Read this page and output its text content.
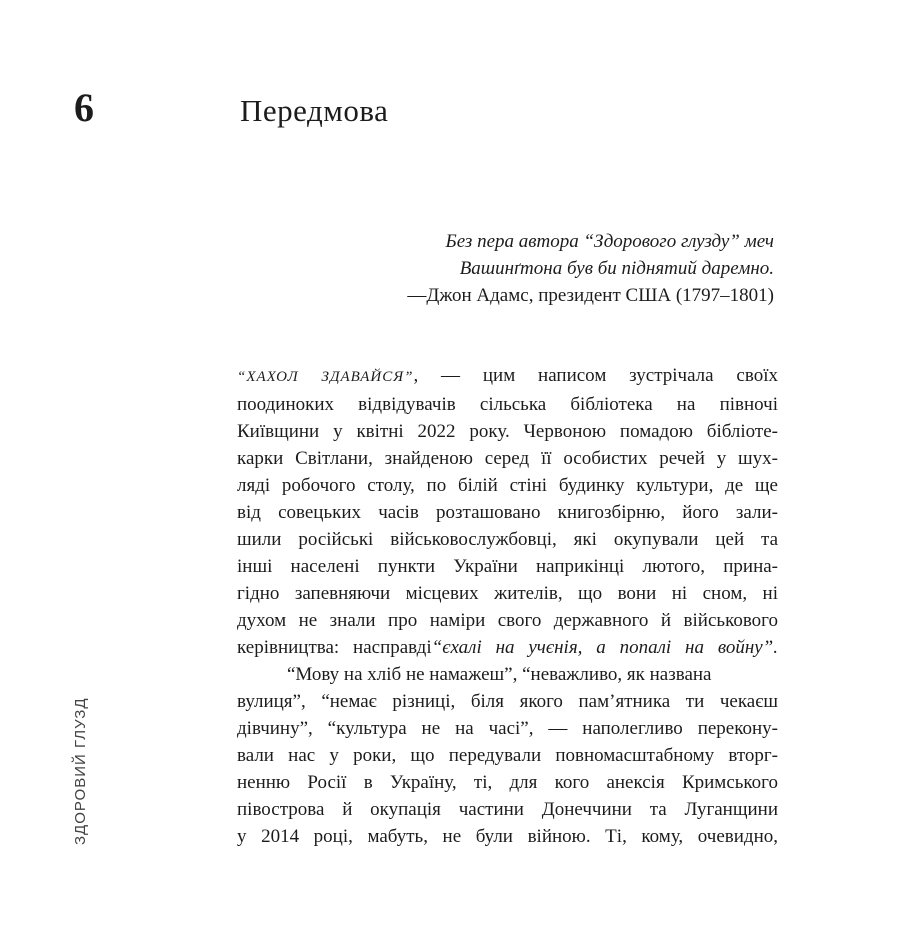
6	Передмова
Без пера автора “Здорового глузду” меч
Вашинґтона був би піднятий даремно.
—Джон Адамс, президент США (1797–1801)
“ХАХОЛ ЗДАВАЙСЯ”, — цим написом зустрічала своїх
поодиноких відвідувачів сільська бібліотека на півночі
Київщини у квітні 2022 року. Червоною помадою бібліоте-
карки Світлани, знайденою серед її особистих речей у шух-
ляді робочого столу, по білій стіні будинку культури, де ще
від совецьких часів розташовано книгозбірню, його зали-
шили російські військовослужбовці, які окупували цей та
інші населені пункти України наприкінці лютого, прина-
гідно запевняючи місцевих жителів, що вони ні сном, ні
духом не знали про наміри свого державного й військового
керівництва: насправді“єхалі на учєнія, а попалі на войну”.
“Мову на хліб не намажеш”, “неважливо, як названа
вулиця”, “немає різниці, біля якого пам’ятника ти чекаєш
дівчину”, “культура не на часі”, — наполегливо перекону-
вали нас у роки, що передували повномасштабному вторг-
ненню Росії в Україну, ті, для кого анексія Кримського
півострова й окупація частини Донеччини та Луганщини
у 2014 році, мабуть, не були війною. Ті, кому, очевидно,
ЗДОРОВИЙ ГЛУЗД
